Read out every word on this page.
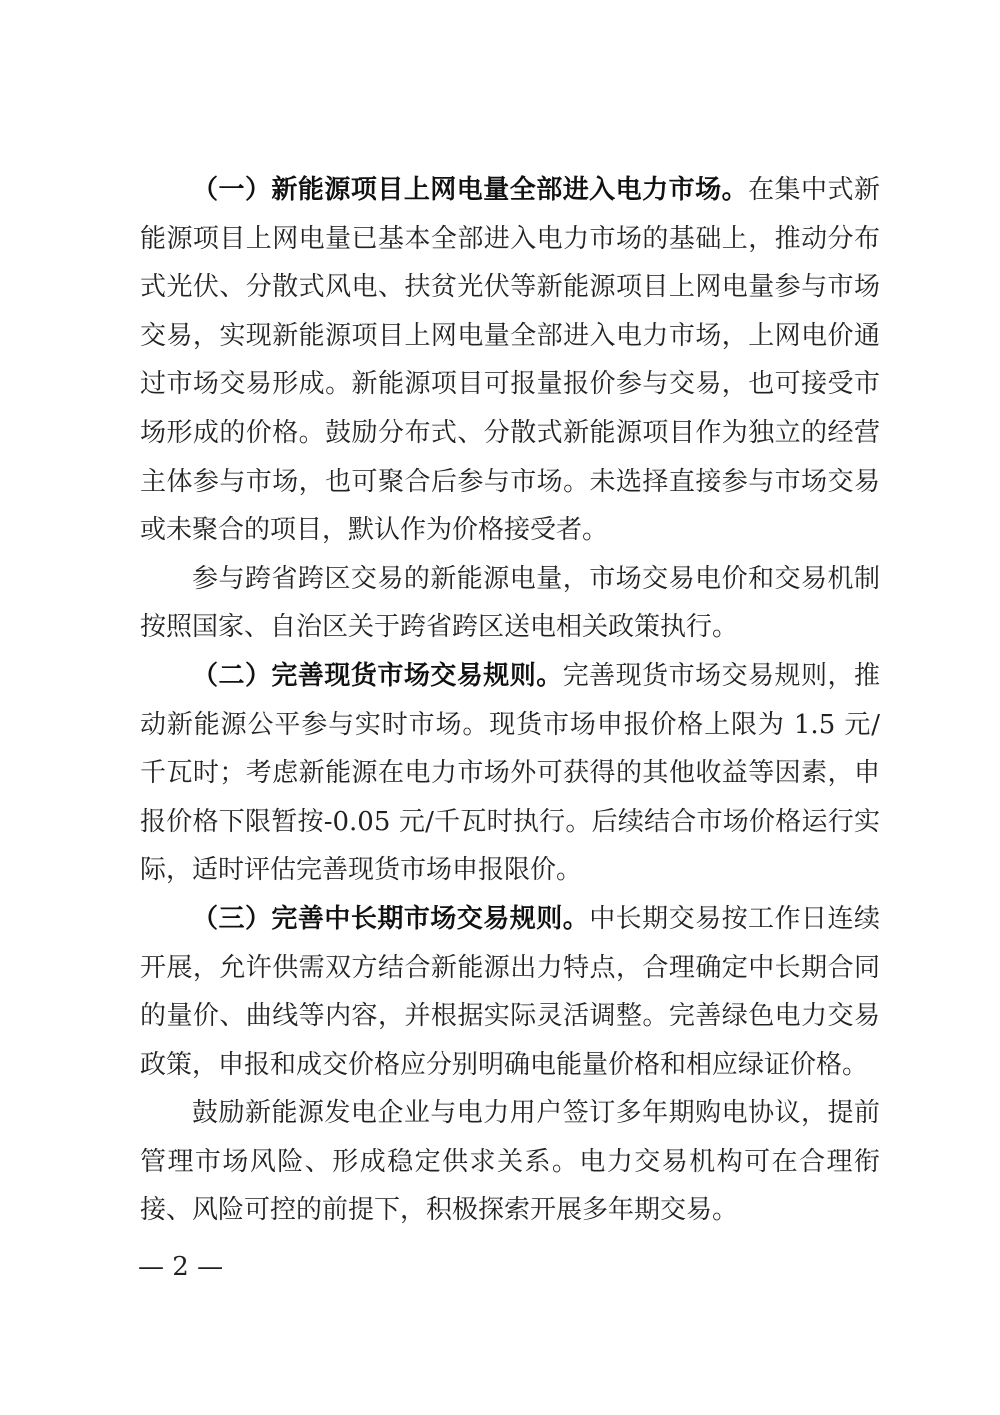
（一）新能源项目上网电量全部进入电力市场。在集中式新能源项目上网电量已基本全部进入电力市场的基础上，推动分布式光伏、分散式风电、扶贫光伏等新能源项目上网电量参与市场交易，实现新能源项目上网电量全部进入电力市场，上网电价通过市场交易形成。新能源项目可报量报价参与交易，也可接受市场形成的价格。鼓励分布式、分散式新能源项目作为独立的经营主体参与市场，也可聚合后参与市场。未选择直接参与市场交易或未聚合的项目，默认作为价格接受者。

参与跨省跨区交易的新能源电量，市场交易电价和交易机制按照国家、自治区关于跨省跨区送电相关政策执行。

（二）完善现货市场交易规则。完善现货市场交易规则，推动新能源公平参与实时市场。现货市场申报价格上限为 1.5 元/千瓦时；考虑新能源在电力市场外可获得的其他收益等因素，申报价格下限暂按-0.05 元/千瓦时执行。后续结合市场价格运行实际，适时评估完善现货市场申报限价。

（三）完善中长期市场交易规则。中长期交易按工作日连续开展，允许供需双方结合新能源出力特点，合理确定中长期合同的量价、曲线等内容，并根据实际灵活调整。完善绿色电力交易政策，申报和成交价格应分别明确电能量价格和相应绿证价格。

鼓励新能源发电企业与电力用户签订多年期购电协议，提前管理市场风险、形成稳定供求关系。电力交易机构可在合理衔接、风险可控的前提下，积极探索开展多年期交易。

— 2 —
